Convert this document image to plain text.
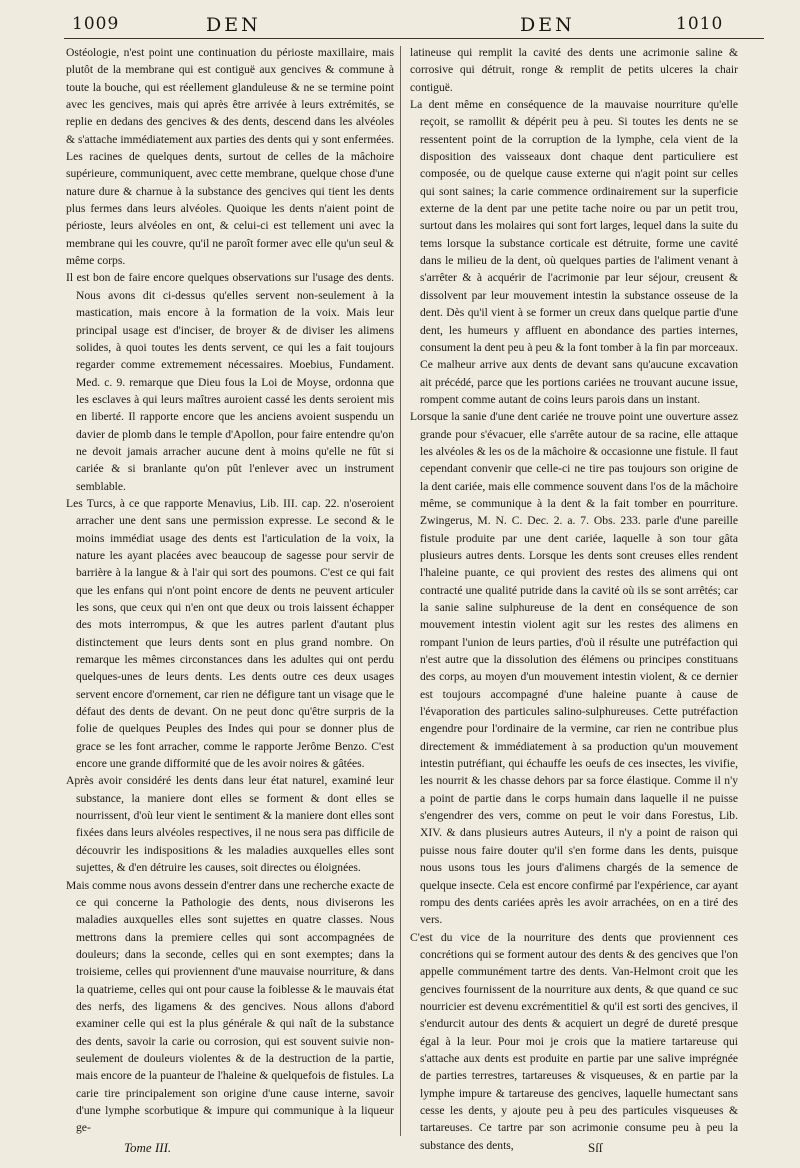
1009	DEN	DEN	1010

Ostéologie, n'est point une continuation du périoste maxillaire, mais plutôt de la membrane qui est contiguë aux gencives & commune à toute la bouche, qui est réellement glanduleuse & ne se termine point avec les gencives, mais qui après être arrivée à leurs extrémités, se replie en dedans des gencives & des dents, descend dans les alvéoles & s'attache immédiatement aux parties des dents qui y sont enfermées. Les racines de quelques dents, surtout de celles de la mâchoire supérieure, communiquent, avec cette membrane, quelque chose d'une nature dure & charnue à la substance des gencives qui tient les dents plus fermes dans leurs alvéoles. Quoique les dents n'aient point de périoste, leurs alvéoles en ont, & celui-ci est tellement uni avec la membrane qui les couvre, qu'il ne paroît former avec elle qu'un seul & même corps.

Il est bon de faire encore quelques observations sur l'usage des dents. Nous avons dit ci-dessus qu'elles servent non-seulement à la mastication, mais encore à la formation de la voix. Mais leur principal usage est d'inciser, de broyer & de diviser les alimens solides, à quoi toutes les dents servent, ce qui les a fait toujours regarder comme extremement nécessaires. Moebius, Fundament. Med. c. 9. remarque que Dieu fous la Loi de Moyse, ordonna que les esclaves à qui leurs maîtres auroient cassé les dents seroient mis en liberté. Il rapporte encore que les anciens avoient suspendu un davier de plomb dans le temple d'Apollon, pour faire entendre qu'on ne devoit jamais arracher aucune dent à moins qu'elle ne fût si cariée & si branlante qu'on pût l'enlever avec un instrument semblable.

Les Turcs, à ce que rapporte Menavius, Lib. III. cap. 22. n'oseroient arracher une dent sans une permission expresse. Le second & le moins immédiat usage des dents est l'articulation de la voix, la nature les ayant placées avec beaucoup de sagesse pour servir de barrière à la langue & à l'air qui sort des poumons. C'est ce qui fait que les enfans qui n'ont point encore de dents ne peuvent articuler les sons, que ceux qui n'en ont que deux ou trois laissent échapper des mots interrompus, & que les autres parlent d'autant plus distinctement que leurs dents sont en plus grand nombre. On remarque les mêmes circonstances dans les adultes qui ont perdu quelques-unes de leurs dents. Les dents outre ces deux usages servent encore d'ornement, car rien ne défigure tant un visage que le défaut des dents de devant. On ne peut donc qu'être surpris de la folie de quelques Peuples des Indes qui pour se donner plus de grace se les font arracher, comme le rapporte Jerôme Benzo. C'est encore une grande difformité que de les avoir noires & gâtées.

Après avoir considéré les dents dans leur état naturel, examiné leur substance, la maniere dont elles se forment & dont elles se nourrissent, d'où leur vient le sentiment & la maniere dont elles sont fixées dans leurs alvéoles respectives, il ne nous sera pas difficile de découvrir les indispositions & les maladies auxquelles elles sont sujettes, & d'en détruire les causes, soit directes ou éloignées.

Mais comme nous avons dessein d'entrer dans une recherche exacte de ce qui concerne la Pathologie des dents, nous diviserons les maladies auxquelles elles sont sujettes en quatre classes. Nous mettrons dans la premiere celles qui sont accompagnées de douleurs; dans la seconde, celles qui en sont exemptes; dans la troisieme, celles qui proviennent d'une mauvaise nourriture, & dans la quatrieme, celles qui ont pour cause la foiblesse & le mauvais état des nerfs, des ligamens & des gencives. Nous allons d'abord examiner celle qui est la plus générale & qui naît de la substance des dents, savoir la carie ou corrosion, qui est souvent suivie non-seulement de douleurs violentes & de la destruction de la partie, mais encore de la puanteur de l'haleine & quelquefois de fistules. La carie tire principalement son origine d'une cause interne, savoir d'une lymphe scorbutique & impure qui communique à la liqueur ge-

latineuse qui remplit la cavité des dents une acrimonie saline & corrosive qui détruit, ronge & remplit de petits ulceres la chair contiguë.

La dent même en conséquence de la mauvaise nourriture qu'elle reçoit, se ramollit & dépérit peu à peu. Si toutes les dents ne se ressentent point de la corruption de la lymphe, cela vient de la disposition des vaisseaux dont chaque dent particuliere est composée, ou de quelque cause externe qui n'agit point sur celles qui sont saines; la carie commence ordinairement sur la superficie externe de la dent par une petite tache noire ou par un petit trou, surtout dans les molaires qui sont fort larges, lequel dans la suite du tems lorsque la substance corticale est détruite, forme une cavité dans le milieu de la dent, où quelques parties de l'aliment venant à s'arrêter & à acquérir de l'acrimonie par leur séjour, creusent & dissolvent par leur mouvement intestin la substance osseuse de la dent. Dès qu'il vient à se former un creux dans quelque partie d'une dent, les humeurs y affluent en abondance des parties internes, consument la dent peu à peu & la font tomber à la fin par morceaux. Ce malheur arrive aux dents de devant sans qu'aucune excavation ait précédé, parce que les portions cariées ne trouvant aucune issue, rompent comme autant de coins leurs parois dans un instant.

Lorsque la sanie d'une dent cariée ne trouve point une ouverture assez grande pour s'évacuer, elle s'arrête autour de sa racine, elle attaque les alvéoles & les os de la mâchoire & occasionne une fistule. Il faut cependant convenir que celle-ci ne tire pas toujours son origine de la dent cariée, mais elle commence souvent dans l'os de la mâchoire même, se communique à la dent & la fait tomber en pourriture. Zwingerus, M. N. C. Dec. 2. a. 7. Obs. 233. parle d'une pareille fistule produite par une dent cariée, laquelle à son tour gâta plusieurs autres dents. Lorsque les dents sont creuses elles rendent l'haleine puante, ce qui provient des restes des alimens qui ont contracté une qualité putride dans la cavité où ils se sont arrêtés; car la sanie saline sulphureuse de la dent en conséquence de son mouvement intestin violent agit sur les restes des alimens en rompant l'union de leurs parties, d'où il résulte une putréfaction qui n'est autre que la dissolution des élémens ou principes constituans des corps, au moyen d'un mouvement intestin violent, & ce dernier est toujours accompagné d'une haleine puante à cause de l'évaporation des particules salino-sulphureuses. Cette putréfaction engendre pour l'ordinaire de la vermine, car rien ne contribue plus directement & immédiatement à sa production qu'un mouvement intestin putréfiant, qui échauffe les oeufs de ces insectes, les vivifie, les nourrit & les chasse dehors par sa force élastique. Comme il n'y a point de partie dans le corps humain dans laquelle il ne puisse s'engendrer des vers, comme on peut le voir dans Forestus, Lib. XIV. & dans plusieurs autres Auteurs, il n'y a point de raison qui puisse nous faire douter qu'il s'en forme dans les dents, puisque nous usons tous les jours d'alimens chargés de la semence de quelque insecte. Cela est encore confirmé par l'expérience, car ayant rompu des dents cariées après les avoir arrachées, on en a tiré des vers.

C'est du vice de la nourriture des dents que proviennent ces concrétions qui se forment autour des dents & des gencives que l'on appelle communément tartre des dents. Van-Helmont croit que les gencives fournissent de la nourriture aux dents, & que quand ce suc nourricier est devenu excrémentitiel & qu'il est sorti des gencives, il s'endurcit autour des dents & acquiert un degré de dureté presque égal à la leur. Pour moi je crois que la matiere tartareuse qui s'attache aux dents est produite en partie par une salive imprégnée de parties terrestres, tartareuses & visqueuses, & en partie par la lymphe impure & tartareuse des gencives, laquelle humectant sans cesse les dents, y ajoute peu à peu des particules visqueuses & tartareuses. Ce tartre par son acrimonie consume peu à peu la substance des dents,

Tome III.	Sſſ
